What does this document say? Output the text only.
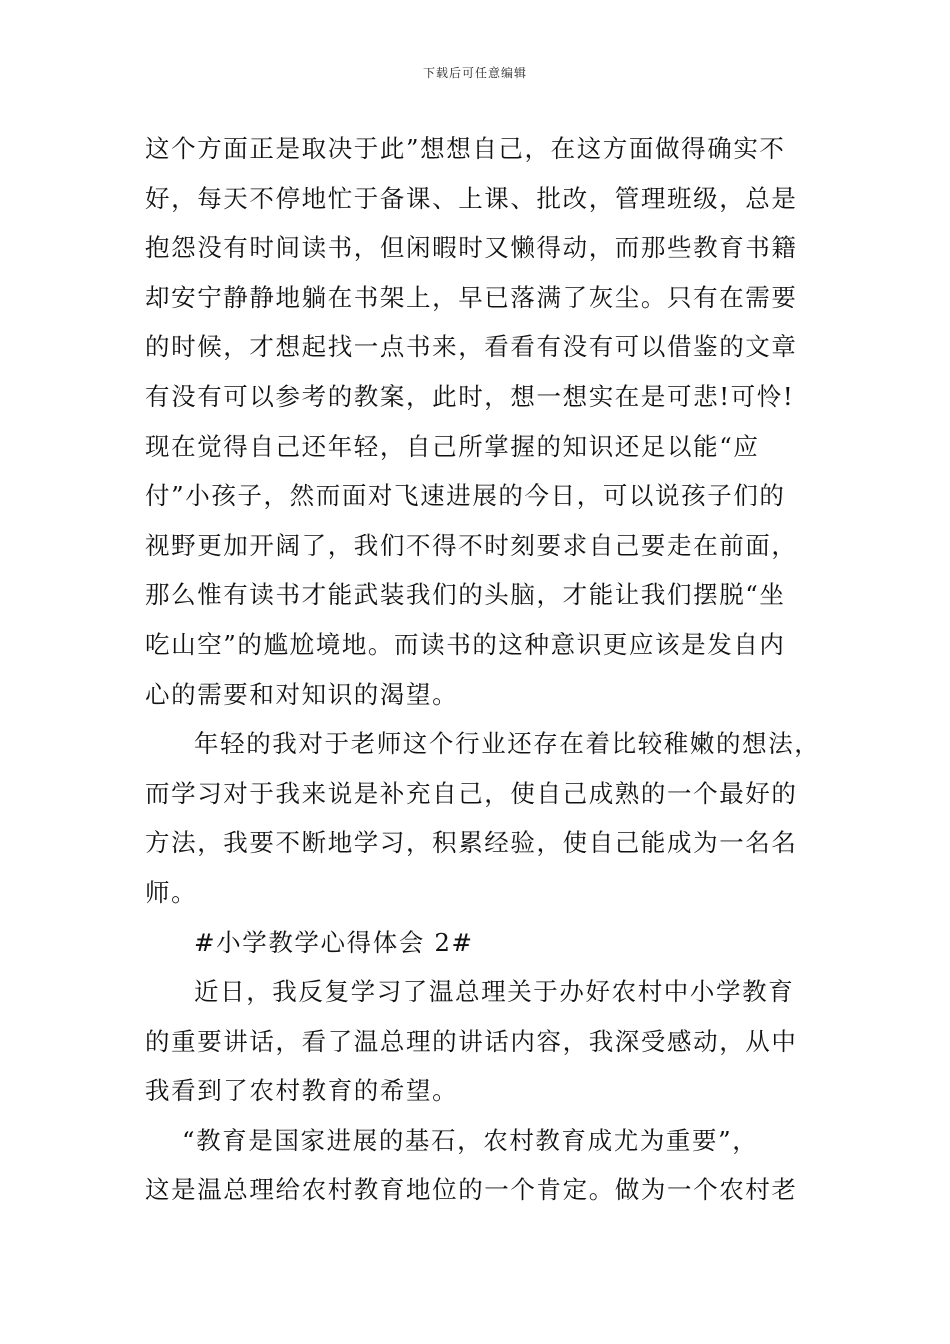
下载后可任意编辑
这个方面正是取决于此”想想自己，在这方面做得确实不
好，每天不停地忙于备课、上课、批改，管理班级，总是
抱怨没有时间读书，但闲暇时又懒得动，而那些教育书籍
却安宁静静地躺在书架上，早已落满了灰尘。只有在需要
的时候，才想起找一点书来，看看有没有可以借鉴的文章
有没有可以参考的教案，此时，想一想实在是可悲!可怜!
现在觉得自己还年轻，自己所掌握的知识还足以能“应
付”小孩子，然而面对飞速进展的今日，可以说孩子们的
视野更加开阔了，我们不得不时刻要求自己要走在前面，
那么惟有读书才能武装我们的头脑，才能让我们摆脱“坐
吃山空”的尴尬境地。而读书的这种意识更应该是发自内
心的需要和对知识的渴望。
年轻的我对于老师这个行业还存在着比较稚嫩的想法，
而学习对于我来说是补充自己，使自己成熟的一个最好的
方法，我要不断地学习，积累经验，使自己能成为一名名
师。
#小学教学心得体会 2#
近日，我反复学习了温总理关于办好农村中小学教育
的重要讲话，看了温总理的讲话内容，我深受感动，从中
我看到了农村教育的希望。
“教育是国家进展的基石，农村教育成尤为重要”，
这是温总理给农村教育地位的一个肯定。做为一个农村老
